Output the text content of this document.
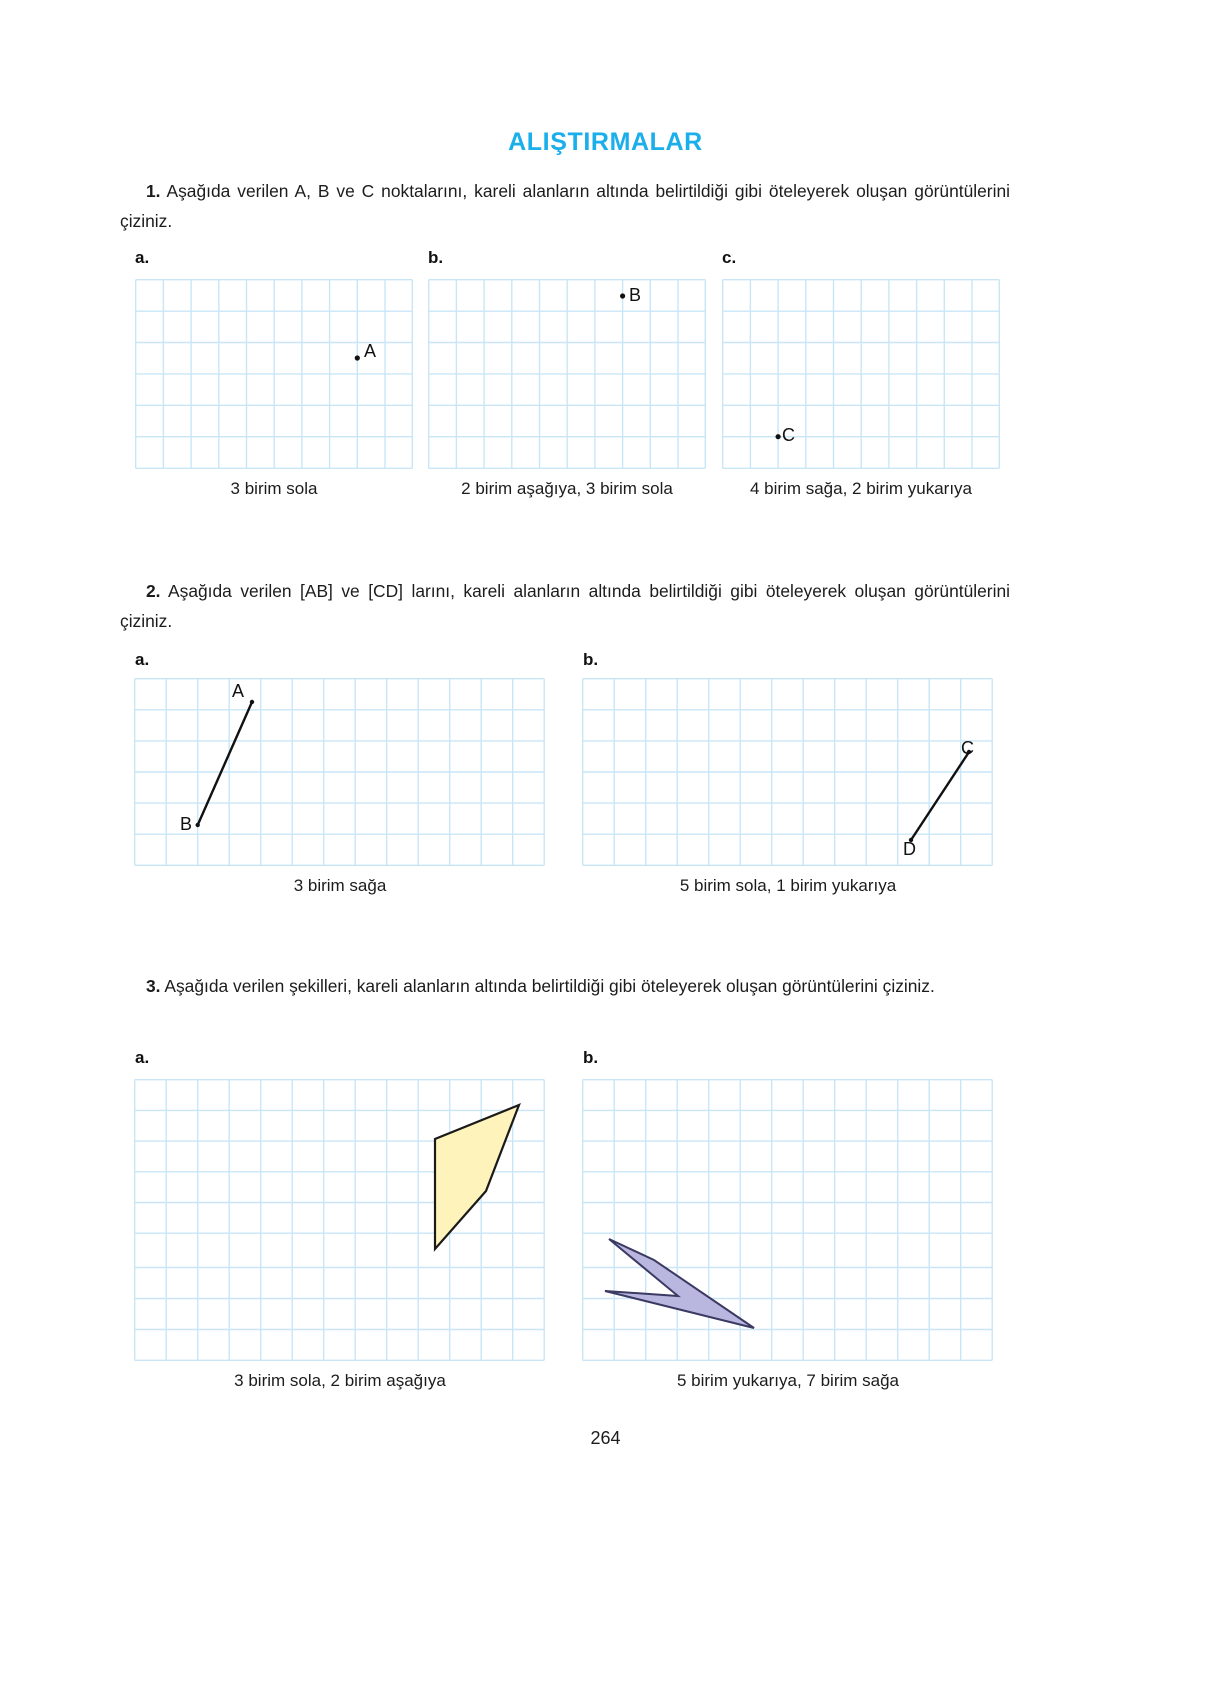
ALIŞTIRMALAR
1. Aşağıda verilen A, B ve C noktalarını, kareli alanların altında belirtildiği gibi öteleyerek oluşan görüntülerini çiziniz.
a.	b.	c.
A
B
C
3 birim sola	2 birim aşağıya, 3 birim sola	4 birim sağa, 2 birim yukarıya
2. Aşağıda verilen [AB] ve [CD] larını, kareli alanların altında belirtildiği gibi öteleyerek oluşan görüntülerini çiziniz.
a.	b.
A
B
C
D
3 birim sağa	5 birim sola, 1 birim yukarıya
3. Aşağıda verilen şekilleri, kareli alanların altında belirtildiği gibi öteleyerek oluşan görüntülerini çiziniz.
a.	b.
3 birim sola, 2 birim aşağıya	5 birim yukarıya, 7 birim sağa
264
